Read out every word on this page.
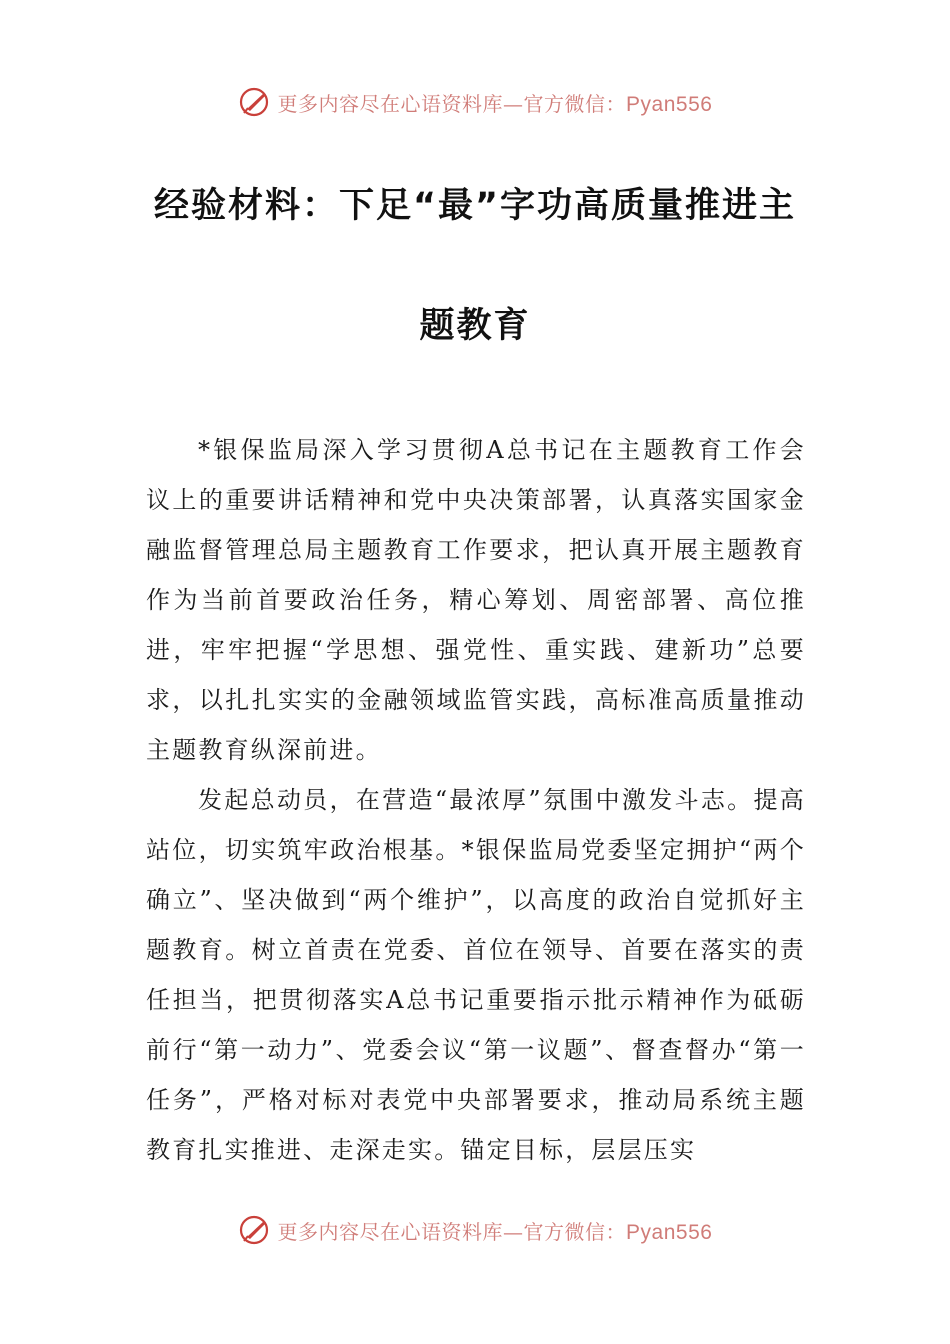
更多内容尽在心语资料库—官方微信：Pyan556
经验材料：下足“最”字功高质量推进主
题教育

*银保监局深入学习贯彻A总书记在主题教育工作会议上的重要讲话精神和党中央决策部署，认真落实国家金融监督管理总局主题教育工作要求，把认真开展主题教育作为当前首要政治任务，精心筹划、周密部署、高位推进，牢牢把握“学思想、强党性、重实践、建新功”总要求，以扎扎实实的金融领域监管实践，高标准高质量推动主题教育纵深前进。

发起总动员，在营造“最浓厚”氛围中激发斗志。提高站位，切实筑牢政治根基。*银保监局党委坚定拥护“两个确立”、坚决做到“两个维护”，以高度的政治自觉抓好主题教育。树立首责在党委、首位在领导、首要在落实的责任担当，把贯彻落实A总书记重要指示批示精神作为砥砺前行“第一动力”、党委会议“第一议题”、督查督办“第一任务”，严格对标对表党中央部署要求，推动局系统主题教育扎实推进、走深走实。锚定目标，层层压实

更多内容尽在心语资料库—官方微信：Pyan556
